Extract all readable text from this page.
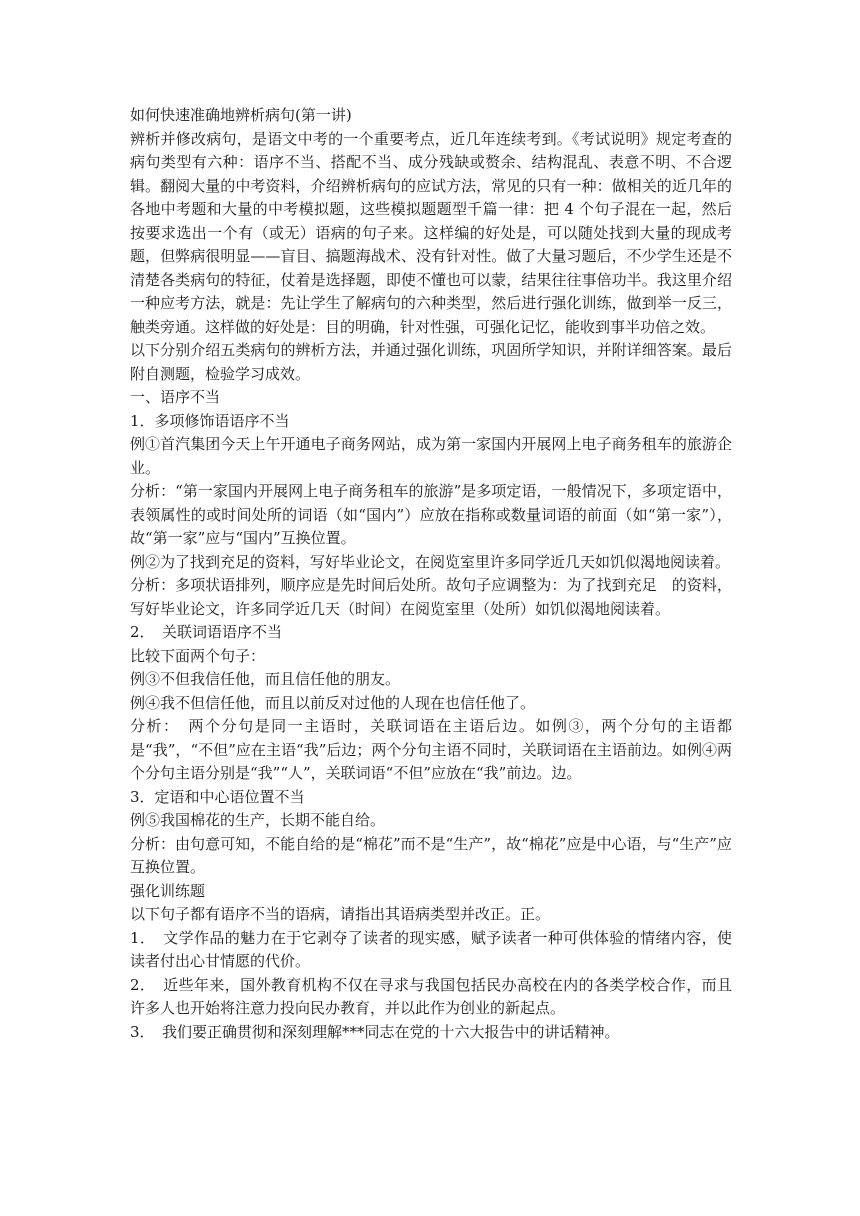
如何快速准确地辨析病句(第一讲)

辨析并修改病句，是语文中考的一个重要考点，近几年连续考到。《考试说明》规定考查的病句类型有六种：语序不当、搭配不当、成分残缺或赘余、结构混乱、表意不明、不合逻辑。翻阅大量的中考资料，介绍辨析病句的应试方法，常见的只有一种：做相关的近几年的各地中考题和大量的中考模拟题，这些模拟题题型千篇一律：把 4 个句子混在一起，然后按要求选出一个有（或无）语病的句子来。这样编的好处是，可以随处找到大量的现成考题，但弊病很明显——盲目、搞题海战术、没有针对性。做了大量习题后，不少学生还是不清楚各类病句的特征，仗着是选择题，即使不懂也可以蒙，结果往往事倍功半。我这里介绍一种应考方法，就是：先让学生了解病句的六种类型，然后进行强化训练，做到举一反三，触类旁通。这样做的好处是：目的明确，针对性强，可强化记忆，能收到事半功倍之效。

以下分别介绍五类病句的辨析方法，并通过强化训练，巩固所学知识，并附详细答案。最后附自测题，检验学习成效。

一、语序不当

1．多项修饰语语序不当

例①首汽集团今天上午开通电子商务网站，成为第一家国内开展网上电子商务租车的旅游企业。

分析：“第一家国内开展网上电子商务租车的旅游”是多项定语，一般情况下，多项定语中，表领属性的或时间处所的词语（如“国内”）应放在指称或数量词语的前面（如“第一家”），故“第一家”应与“国内”互换位置。

例②为了找到充足的资料，写好毕业论文，在阅览室里许多同学近几天如饥似渴地阅读着。

分析：多项状语排列，顺序应是先时间后处所。故句子应调整为：为了找到充足　的资料，写好毕业论文，许多同学近几天（时间）在阅览室里（处所）如饥似渴地阅读着。

2．　关联词语语序不当

比较下面两个句子：

例③不但我信任他，而且信任他的朋友。

例④我不但信任他，而且以前反对过他的人现在也信任他了。

分析：　两个分句是同一主语时，关联词语在主语后边。如例③，两个分句的主语都是“我”，“不但”应在主语“我”后边；两个分句主语不同时，关联词语在主语前边。如例④两个分句主语分别是“我”“人”，关联词语“不但”应放在“我”前边。边。

3．定语和中心语位置不当

例⑤我国棉花的生产，长期不能自给。

分析：由句意可知，不能自给的是“棉花”而不是“生产”，故“棉花”应是中心语，与“生产”应互换位置。

强化训练题

以下句子都有语序不当的语病，请指出其语病类型并改正。正。

1．　文学作品的魅力在于它剥夺了读者的现实感，赋予读者一种可供体验的情绪内容，使读者付出心甘情愿的代价。

2．　近些年来，国外教育机构不仅在寻求与我国包括民办高校在内的各类学校合作，而且许多人也开始将注意力投向民办教育，并以此作为创业的新起点。

3．　我们要正确贯彻和深刻理解***同志在党的十六大报告中的讲话精神。
